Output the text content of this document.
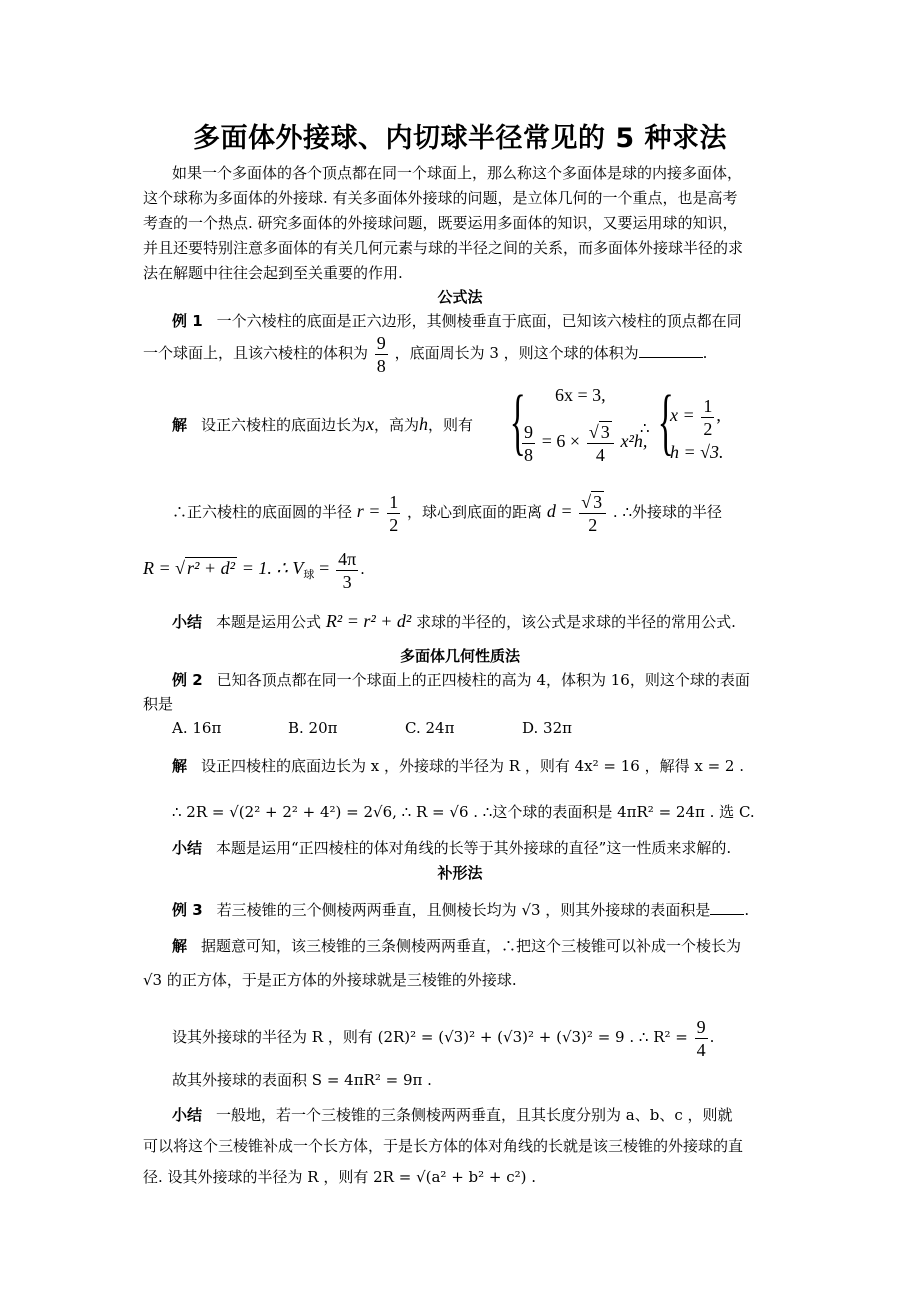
多面体外接球、内切球半径常见的 5 种求法
如果一个多面体的各个顶点都在同一个球面上，那么称这个多面体是球的内接多面体，
这个球称为多面体的外接球. 有关多面体外接球的问题，是立体几何的一个重点，也是高考
考查的一个热点. 研究多面体的外接球问题，既要运用多面体的知识，又要运用球的知识，
并且还要特别注意多面体的有关几何元素与球的半径之间的关系，而多面体外接球半径的求
法在解题中往往会起到至关重要的作用.
公式法
例 1 一个六棱柱的底面是正六边形，其侧棱垂直于底面，已知该六棱柱的顶点都在同
一个球面上，且该六棱柱的体积为 $\frac{9}{8}$ ，底面周长为 3 ，则这个球的体积为	.
解 设正六棱柱的底面边长为x，高为h，则有 { 6x = 3,
$\frac{9}{8} = 6 \times \frac{√ 3}{4} x^2h$,
∴ {
$x = \frac{1}{2}$ ,
h = √3.
∴正六棱柱的底面圆的半径 $r = \frac{1}{2}$ ，球心到底面的距离 $d = \frac{√ 3}{2}$ . ∴外接球的半径
R = √ r² + d² = 1. ∴ $V_球 = \frac{4\pi}{3}$ .
小结 本题是运用公式 R² = r² + d² 求球的半径的，该公式是求球的半径的常用公式.
多面体几何性质法
例 2 已知各顶点都在同一个球面上的正四棱柱的高为 4，体积为 16，则这个球的表面
积是
A. 16π	B. 20π	C. 24π	D. 32π
解 设正四棱柱的底面边长为 x ，外接球的半径为 R ，则有 4x² = 16 ，解得 x = 2 .
∴ 2R = √(2² + 2² + 4²) = 2√6, ∴ R = √6 . ∴这个球的表面积是 4πR² = 24π . 选 C.
小结 本题是运用“正四棱柱的体对角线的长等于其外接球的直径”这一性质来求解的.
补形法
例 3 若三棱锥的三个侧棱两两垂直，且侧棱长均为 √3 ，则其外接球的表面积是 .
解 据题意可知，该三棱锥的三条侧棱两两垂直，∴把这个三棱锥可以补成一个棱长为
√3 的正方体，于是正方体的外接球就是三棱锥的外接球.
设其外接球的半径为 R ，则有 (2R)² = (√3)² + (√3)² + (√3)² = 9 . ∴ $R^2 = \frac{9}{4}$ .
故其外接球的表面积 S = 4πR² = 9π .
小结 一般地，若一个三棱锥的三条侧棱两两垂直，且其长度分别为 a、b、c ，则就
可以将这个三棱锥补成一个长方体，于是长方体的体对角线的长就是该三棱锥的外接球的直
径. 设其外接球的半径为 R ，则有 2R = √(a² + b² + c²) .
